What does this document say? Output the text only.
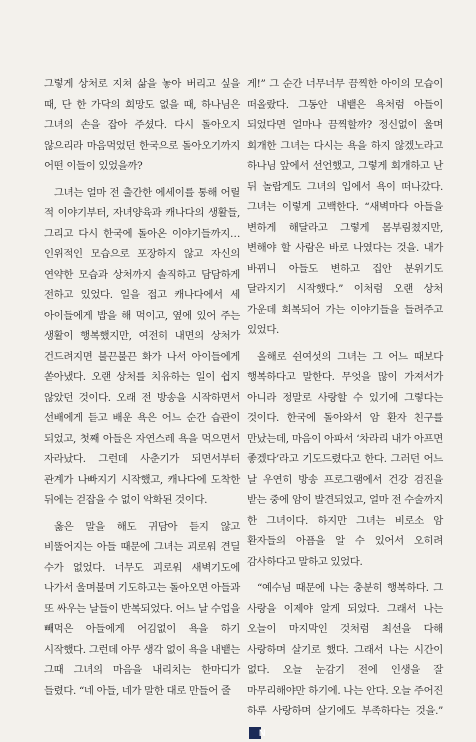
그렇게 상처로 지쳐 삶을 놓아 버리고 싶을 때, 단 한 가닥의 희망도 없을 때, 하나님은 그녀의 손을 잡아 주셨다. 다시 돌아오지 않으리라 마음먹었던 한국으로 돌아오기까지 어떤 이들이 있었을까?

그녀는 얼마 전 출간한 에세이를 통해 어릴 적 이야기부터, 자녀양육과 캐나다의 생활들, 그리고 다시 한국에 돌아온 이야기들까지… 인위적인 모습으로 포장하지 않고 자신의 연약한 모습과 상처까지 솔직하고 담담하게 전하고 있었다. 일을 접고 캐나다에서 세 아이들에게 밥을 해 먹이고, 옆에 있어 주는 생활이 행복했지만, 여전히 내면의 상처가 건드려지면 불끈불끈 화가 나서 아이들에게 쏟아냈다. 오랜 상처를 치유하는 일이 쉽지 않았던 것이다. 오래 전 방송을 시작하면서 선배에게 듣고 배운 욕은 어느 순간 습관이 되었고, 첫째 아들은 자연스레 욕을 먹으면서 자라났다. 그런데 사춘기가 되면서부터 관계가 나빠지기 시작했고, 캐나다에 도착한 뒤에는 걷잡을 수 없이 악화된 것이다.

옳은 말을 해도 귀담아 듣지 않고 비뚤어지는 아들 때문에 그녀는 괴로워 견딜 수가 없었다. 너무도 괴로워 새벽기도에 나가서 울며불며 기도하고는 돌아오면 아들과 또 싸우는 날들이 반복되었다. 어느 날 수업을 빼먹은 아들에게 어김없이 욕을 하기 시작했다. 그런데 아무 생각 없이 욕을 내뱉는 그때 그녀의 마음을 내리치는 한마디가 들렸다. “네 아들, 네가 말한 대로 만들어 줄

게!” 그 순간 너무너무 끔찍한 아이의 모습이 떠올랐다. 그동안 내뱉은 욕처럼 아들이 되었다면 얼마나 끔찍할까? 정신없이 울며 회개한 그녀는 다시는 욕을 하지 않겠노라고 하나님 앞에서 선언했고, 그렇게 회개하고 난 뒤 놀랍게도 그녀의 입에서 욕이 떠나갔다. 그녀는 이렇게 고백한다. “새벽마다 아들을 변하게 해달라고 그렇게 몸부림쳤지만, 변해야 할 사람은 바로 나였다는 것을. 내가 바뀌니 아들도 변하고 집안 분위기도 달라지기 시작했다.” 이처럼 오랜 상처 가운데 회복되어 가는 이야기들을 들려주고 있었다.

올해로 쉰여섯의 그녀는 그 어느 때보다 행복하다고 말한다. 무엇을 많이 가져서가 아니라 정말로 사랑할 수 있기에 그렇다는 것이다. 한국에 돌아와서 암 환자 친구를 만났는데, 마음이 아파서 ‘차라리 내가 아프면 좋겠다’라고 기도드렸다고 한다. 그러던 어느 날 우연히 방송 프로그램에서 건강 검진을 받는 중에 암이 발견되었고, 얼마 전 수술까지 한 그녀이다. 하지만 그녀는 비로소 암 환자들의 아픔을 알 수 있어서 오히려 감사하다고 말하고 있었다.

“예수님 때문에 나는 충분히 행복하다. 그 사랑을 이제야 알게 되었다. 그래서 나는 오늘이 마지막인 것처럼 최선을 다해 사랑하며 살기로 했다. 그래서 나는 시간이 없다. 오늘 눈감기 전에 인생을 잘 마무리해야만 하기에. 나는 안다. 오늘 주어진 하루 사랑하며 살기에도 부족하다는 것을.”N
